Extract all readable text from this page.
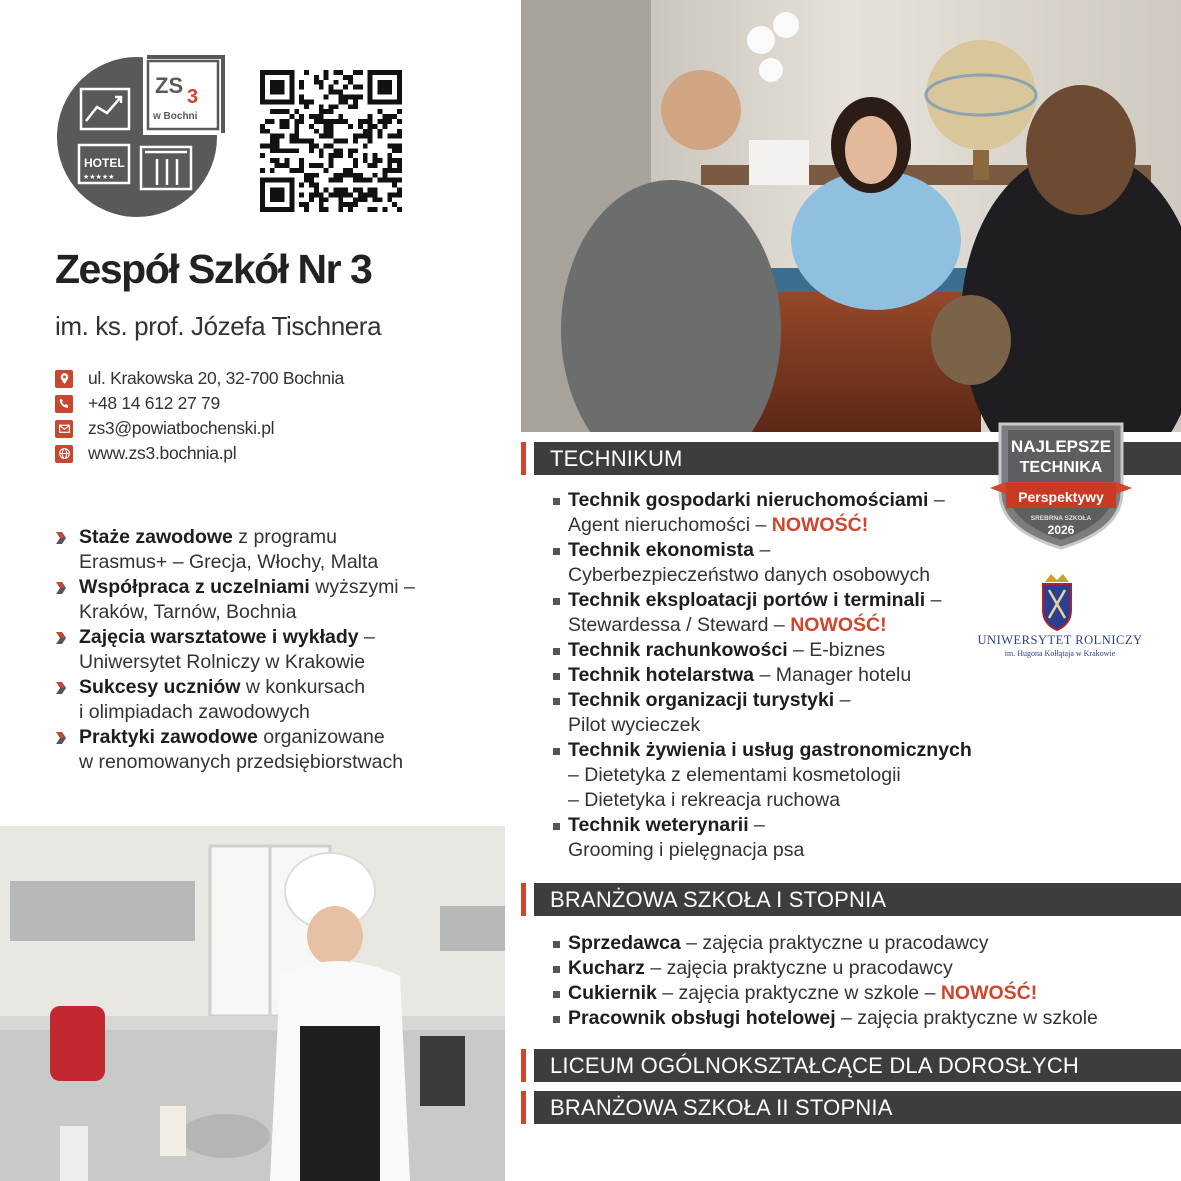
ZS 3
w Bochni
HOTEL
★★★★★
Zespół Szkół Nr 3
im. ks. prof. Józefa Tischnera
ul. Krakowska 20, 32-700 Bochnia
+48 14 612 27 79
zs3@powiatbochenski.pl
www.zs3.bochnia.pl
Staże zawodowe z programu
Erasmus+ – Grecja, Włochy, Malta
Współpraca z uczelniami wyższymi –
Kraków, Tarnów, Bochnia
Zajęcia warsztatowe i wykłady –
Uniwersytet Rolniczy w Krakowie
Sukcesy uczniów w konkursach
i olimpiadach zawodowych
Praktyki zawodowe organizowane
w renomowanych przedsiębiorstwach
TECHNIKUM
Technik gospodarki nieruchomościami –
Agent nieruchomości – NOWOŚĆ!
Technik ekonomista –
Cyberbezpieczeństwo danych osobowych
Technik eksploatacji portów i terminali –
Stewardessa / Steward – NOWOŚĆ!
Technik rachunkowości – E-biznes
Technik hotelarstwa – Manager hotelu
Technik organizacji turystyki –
Pilot wycieczek
Technik żywienia i usług gastronomicznych
– Dietetyka z elementami kosmetologii
– Dietetyka i rekreacja ruchowa
Technik weterynarii –
Grooming i pielęgnacja psa
BRANŻOWA SZKOŁA I STOPNIA
Sprzedawca – zajęcia praktyczne u pracodawcy
Kucharz – zajęcia praktyczne u pracodawcy
Cukiernik – zajęcia praktyczne w szkole – NOWOŚĆ!
Pracownik obsługi hotelowej – zajęcia praktyczne w szkole
LICEUM OGÓLNOKSZTAŁCĄCE DLA DOROSŁYCH
BRANŻOWA SZKOŁA II STOPNIA
NAJLEPSZE
TECHNIKA
Perspektywy
SREBRNA SZKOŁA
2026
UNIWERSYTET ROLNICZY
im. Hugona Kołłątaja w Krakowie
